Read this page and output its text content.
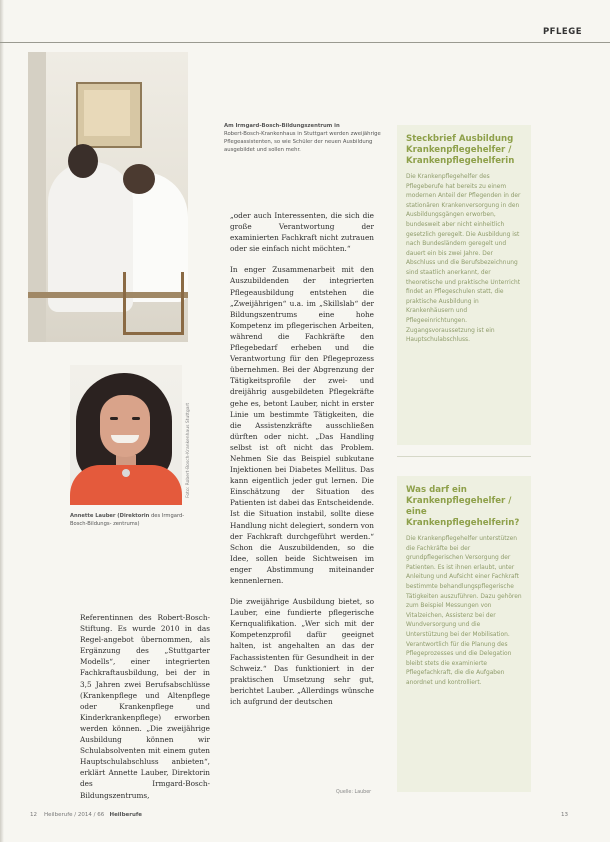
PFLEGE
Am Irmgard-Bosch-Bildungszentrum in
Robert-Bosch-Krankenhaus in Stuttgart werden zweijährige Pflegeassistenten, so wie Schüler der neuen Ausbildung ausgebildet und sollen mehr.
Foto: Robert-Bosch-Krankenhaus Stuttgart
Annette Lauber (Direktorin des Irmgard-Bosch-Bildungs- zentrums)

Referentinnen des Robert-Bosch-Stiftung. Es wurde 2010 in das Regel-angebot übernommen, als Ergänzung des „Stuttgarter Modells“, einer integrierten Fachkraftausbildung, bei der in 3,5 Jahren zwei Berufsabschlüsse (Krankenpflege und Altenpflege oder Krankenpflege und Kinderkrankenpflege) erworben werden können. „Die zweijährige Ausbildung können wir Schulabsolventen mit einem guten Hauptschulabschluss anbieten“, erklärt Annette Lauber, Direktorin des Irmgard-Bosch-Bildungszentrums,

„oder auch Interessenten, die sich die große Verantwortung der examinierten Fachkraft nicht zutrauen oder sie einfach nicht möchten.“

In enger Zusammenarbeit mit den Auszubildenden der integrierten Pflegeausbildung entstehen die „Zweijährigen“ u.a. im „Skillslab“ der Bildungszentrums eine hohe Kompetenz im pflegerischen Arbeiten, während die Fachkräfte den Pflegebedarf erheben und die Verantwortung für den Pflegeprozess übernehmen. Bei der Abgrenzung der Tätigkeitsprofile der zwei- und dreijährig ausgebildeten Pflegekräfte gehe es, betont Lauber, nicht in erster Linie um bestimmte Tätigkeiten, die die Assistenzkräfte ausschließen dürften oder nicht. „Das Handling selbst ist oft nicht das Problem. Nehmen Sie das Beispiel subkutane Injektionen bei Diabetes Mellitus. Das kann eigentlich jeder gut lernen. Die Einschätzung der Situation des Patienten ist dabei das Entscheidende. Ist die Situation instabil, sollte diese Handlung nicht delegiert, sondern von der Fachkraft durchgeführt werden.“ Schon die Auszubildenden, so die Idee, sollen beide Sichtweisen im enger Abstimmung miteinander kennenlernen.

Die zweijährige Ausbildung bietet, so Lauber, eine fundierte pflegerische Kernqualifikation. „Wer sich mit der Kompetenzprofil dafür geeignet halten, ist angehalten an das der Fachassistenten für Gesundheit in der Schweiz.“ Das funktioniert in der praktischen Umsetzung sehr gut, berichtet Lauber. „Allerdings wünsche ich aufgrund der deutschen

Steckbrief Ausbildung Krankenpflegehelfer / Krankenpflegehelferin
Die Krankenpflegehelfer des Pflegeberufe hat bereits zu einem modernen Anteil der Pflegenden in der stationären Krankenversorgung in den Ausbildungsgängen erworben, bundesweit aber nicht einheitlich gesetzlich geregelt. Die Ausbildung ist nach Bundesländern geregelt und dauert ein bis zwei Jahre. Der Abschluss und die Berufsbezeichnung sind staatlich anerkannt, der theoretische und praktische Unterricht findet an Pflegeschulen statt, die praktische Ausbildung in Krankenhäusern und Pflegeeinrichtungen. Zugangsvoraussetzung ist ein Hauptschulabschluss.
Was darf ein Krankenpflegehelfer / eine Krankenpflegehelferin?
Die Krankenpflegehelfer unterstützen die Fachkräfte bei der grundpflegerischen Versorgung der Patienten. Es ist ihnen erlaubt, unter Anleitung und Aufsicht einer Fachkraft bestimmte behandlungspflegerische Tätigkeiten auszuführen. Dazu gehören zum Beispiel Messungen von Vitalzeichen, Assistenz bei der Wundversorgung und die Unterstützung bei der Mobilisation. Verantwortlich für die Planung des Pflegeprozesses und die Delegation bleibt stets die examinierte Pflegefachkraft, die die Aufgaben anordnet und kontrolliert.
Quelle: Lauber
12 Heilberufe / 2014 / 66 Heilberufe	13
